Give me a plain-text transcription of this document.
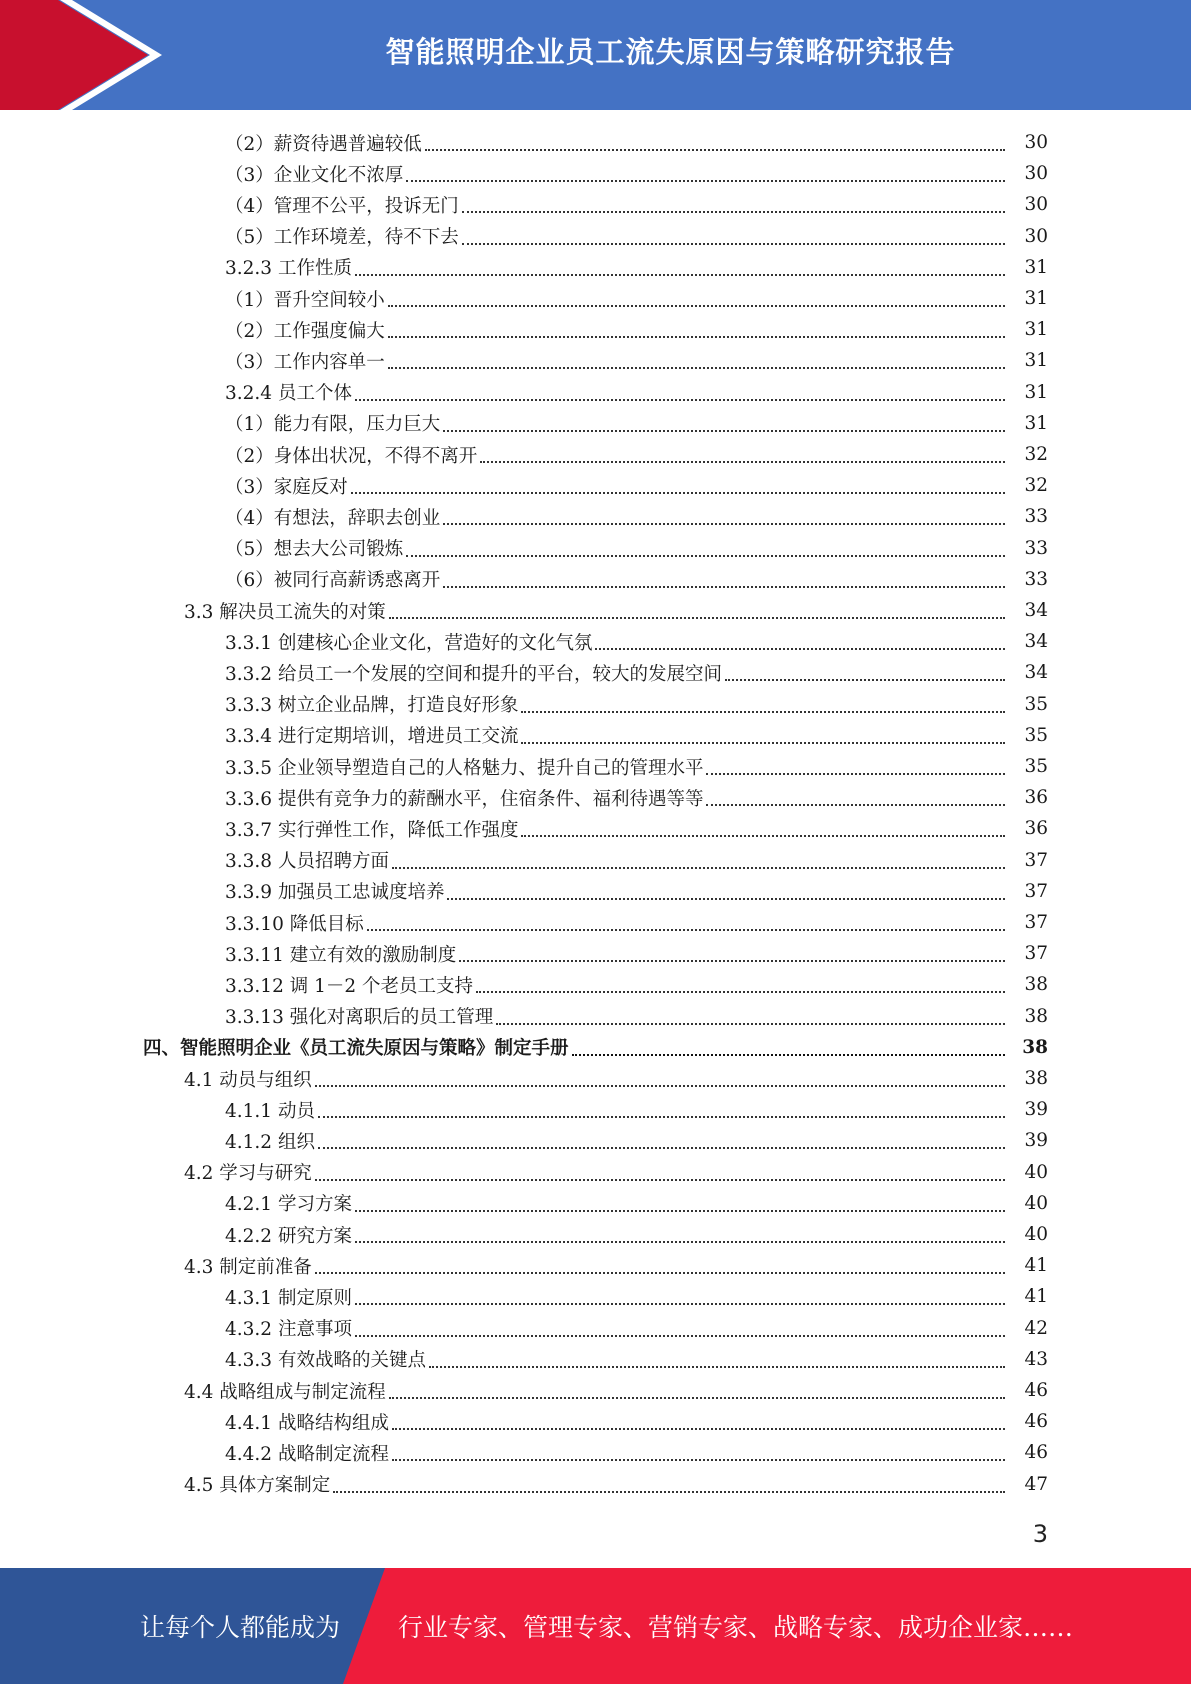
智能照明企业员工流失原因与策略研究报告
（2）薪资待遇普遍较低	30
（3）企业文化不浓厚	30
（4）管理不公平，投诉无门	30
（5）工作环境差，待不下去	30
3.2.3 工作性质	31
（1）晋升空间较小	31
（2）工作强度偏大	31
（3）工作内容单一	31
3.2.4 员工个体	31
（1）能力有限，压力巨大	31
（2）身体出状况，不得不离开	32
（3）家庭反对	32
（4）有想法，辞职去创业	33
（5）想去大公司锻炼	33
（6）被同行高薪诱惑离开	33
3.3 解决员工流失的对策	34
3.3.1 创建核心企业文化，营造好的文化气氛	34
3.3.2 给员工一个发展的空间和提升的平台，较大的发展空间	34
3.3.3 树立企业品牌，打造良好形象	35
3.3.4 进行定期培训，增进员工交流	35
3.3.5 企业领导塑造自己的人格魅力、提升自己的管理水平	35
3.3.6 提供有竞争力的薪酬水平，住宿条件、福利待遇等等	36
3.3.7 实行弹性工作，降低工作强度	36
3.3.8 人员招聘方面	37
3.3.9 加强员工忠诚度培养	37
3.3.10 降低目标	37
3.3.11 建立有效的激励制度	37
3.3.12 调 1－2 个老员工支持	38
3.3.13 强化对离职后的员工管理	38
四、智能照明企业《员工流失原因与策略》制定手册	38
4.1 动员与组织	38
4.1.1 动员	39
4.1.2 组织	39
4.2 学习与研究	40
4.2.1 学习方案	40
4.2.2 研究方案	40
4.3 制定前准备	41
4.3.1 制定原则	41
4.3.2 注意事项	42
4.3.3 有效战略的关键点	43
4.4 战略组成与制定流程	46
4.4.1 战略结构组成	46
4.4.2 战略制定流程	46
4.5 具体方案制定	47
3
让每个人都能成为 行业专家、管理专家、营销专家、战略专家、成功企业家……
